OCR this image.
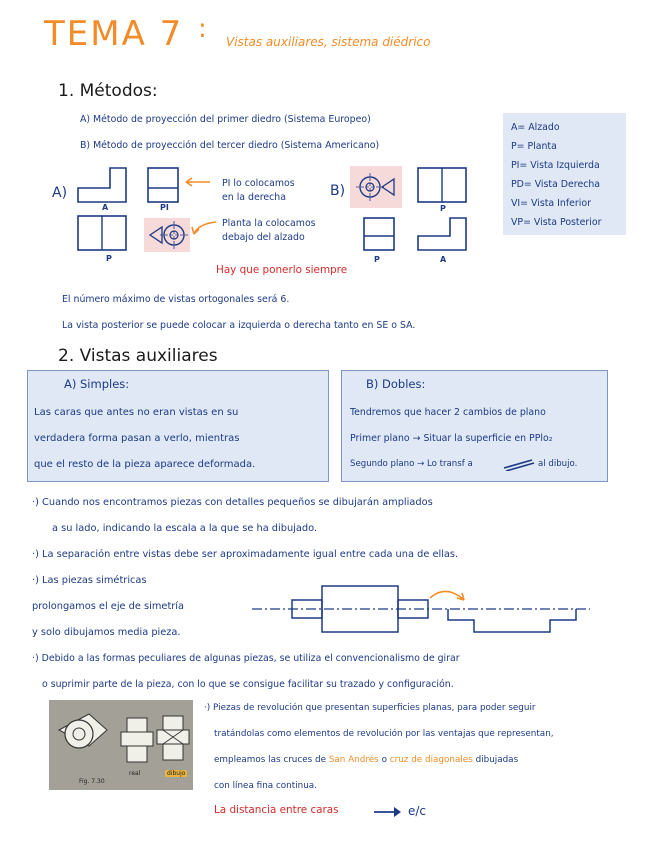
TEMA 7 : Vistas auxiliares, sistema diédrico
1. Métodos:
A) Método de proyección del primer diedro (Sistema Europeo)
B) Método de proyección del tercer diedro (Sistema Americano)
A= Alzado
P= Planta
PI= Vista Izquierda
PD= Vista Derecha
VI= Vista Inferior
VP= Vista Posterior
A)
A	PI
P
PI lo colocamos
en la derecha
Planta la colocamos
debajo del alzado
B)
P
P	A
Hay que ponerlo siempre
El número máximo de vistas ortogonales será 6.
La vista posterior se puede colocar a izquierda o derecha tanto en SE o SA.
2. Vistas auxiliares
A) Simples:
Las caras que antes no eran vistas en su
verdadera forma pasan a verlo, mientras
que el resto de la pieza aparece deformada.
B) Dobles:
Tendremos que hacer 2 cambios de plano
Primer plano → Situar la superficie en PPlo₂
Segundo plano → Lo transf a	al dibujo.
·) Cuando nos encontramos piezas con detalles pequeños se dibujarán ampliados
a su lado, indicando la escala a la que se ha dibujado.
·) La separación entre vistas debe ser aproximadamente igual entre cada una de ellas.
·) Las piezas simétricas
prolongamos el eje de simetría
y solo dibujamos media pieza.
·) Debido a las formas peculiares de algunas piezas, se utiliza el convencionalismo de girar
o suprimir parte de la pieza, con lo que se consigue facilitar su trazado y configuración.
Fig. 7.30
real	dibujo
·) Piezas de revolución que presentan superficies planas, para poder seguir
tratándolas como elementos de revolución por las ventajas que representan,
empleamos las cruces de San Andrés o cruz de diagonales dibujadas
con línea fina continua.
La distancia entre caras	e/c
